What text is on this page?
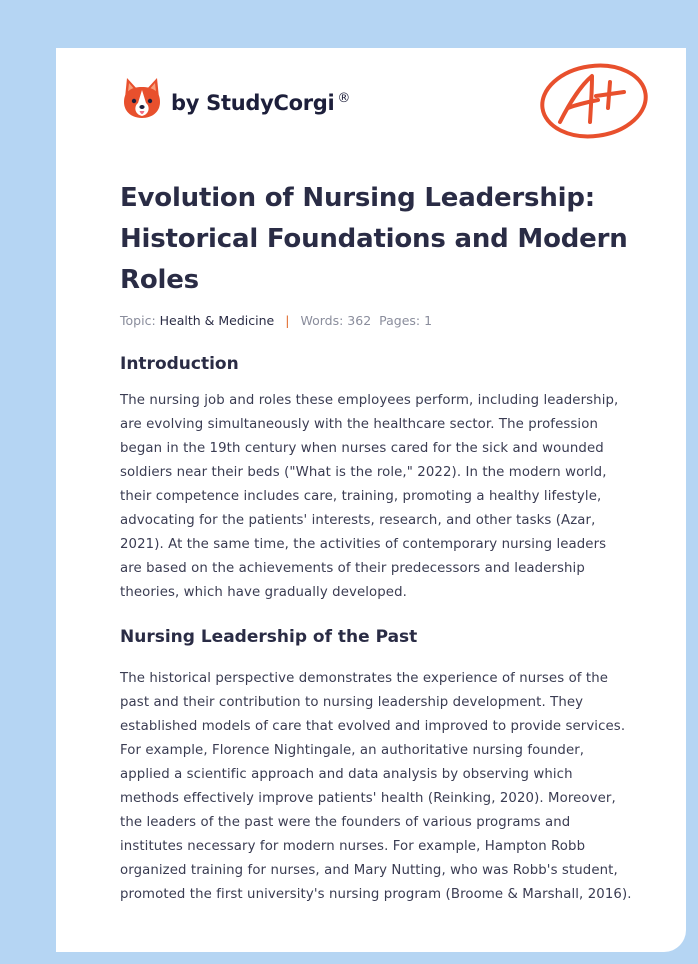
by StudyCorgi ®
Evolution of Nursing Leadership: Historical Foundations and Modern Roles
Topic: Health & Medicine | Words: 362 Pages: 1
Introduction

The nursing job and roles these employees perform, including leadership, are evolving simultaneously with the healthcare sector. The profession began in the 19th century when nurses cared for the sick and wounded soldiers near their beds ("What is the role," 2022). In the modern world, their competence includes care, training, promoting a healthy lifestyle, advocating for the patients' interests, research, and other tasks (Azar, 2021). At the same time, the activities of contemporary nursing leaders are based on the achievements of their predecessors and leadership theories, which have gradually developed.

Nursing Leadership of the Past

The historical perspective demonstrates the experience of nurses of the past and their contribution to nursing leadership development. They established models of care that evolved and improved to provide services. For example, Florence Nightingale, an authoritative nursing founder, applied a scientific approach and data analysis by observing which methods effectively improve patients' health (Reinking, 2020). Moreover, the leaders of the past were the founders of various programs and institutes necessary for modern nurses. For example, Hampton Robb organized training for nurses, and Mary Nutting, who was Robb's student, promoted the first university's nursing program (Broome & Marshall, 2016).
